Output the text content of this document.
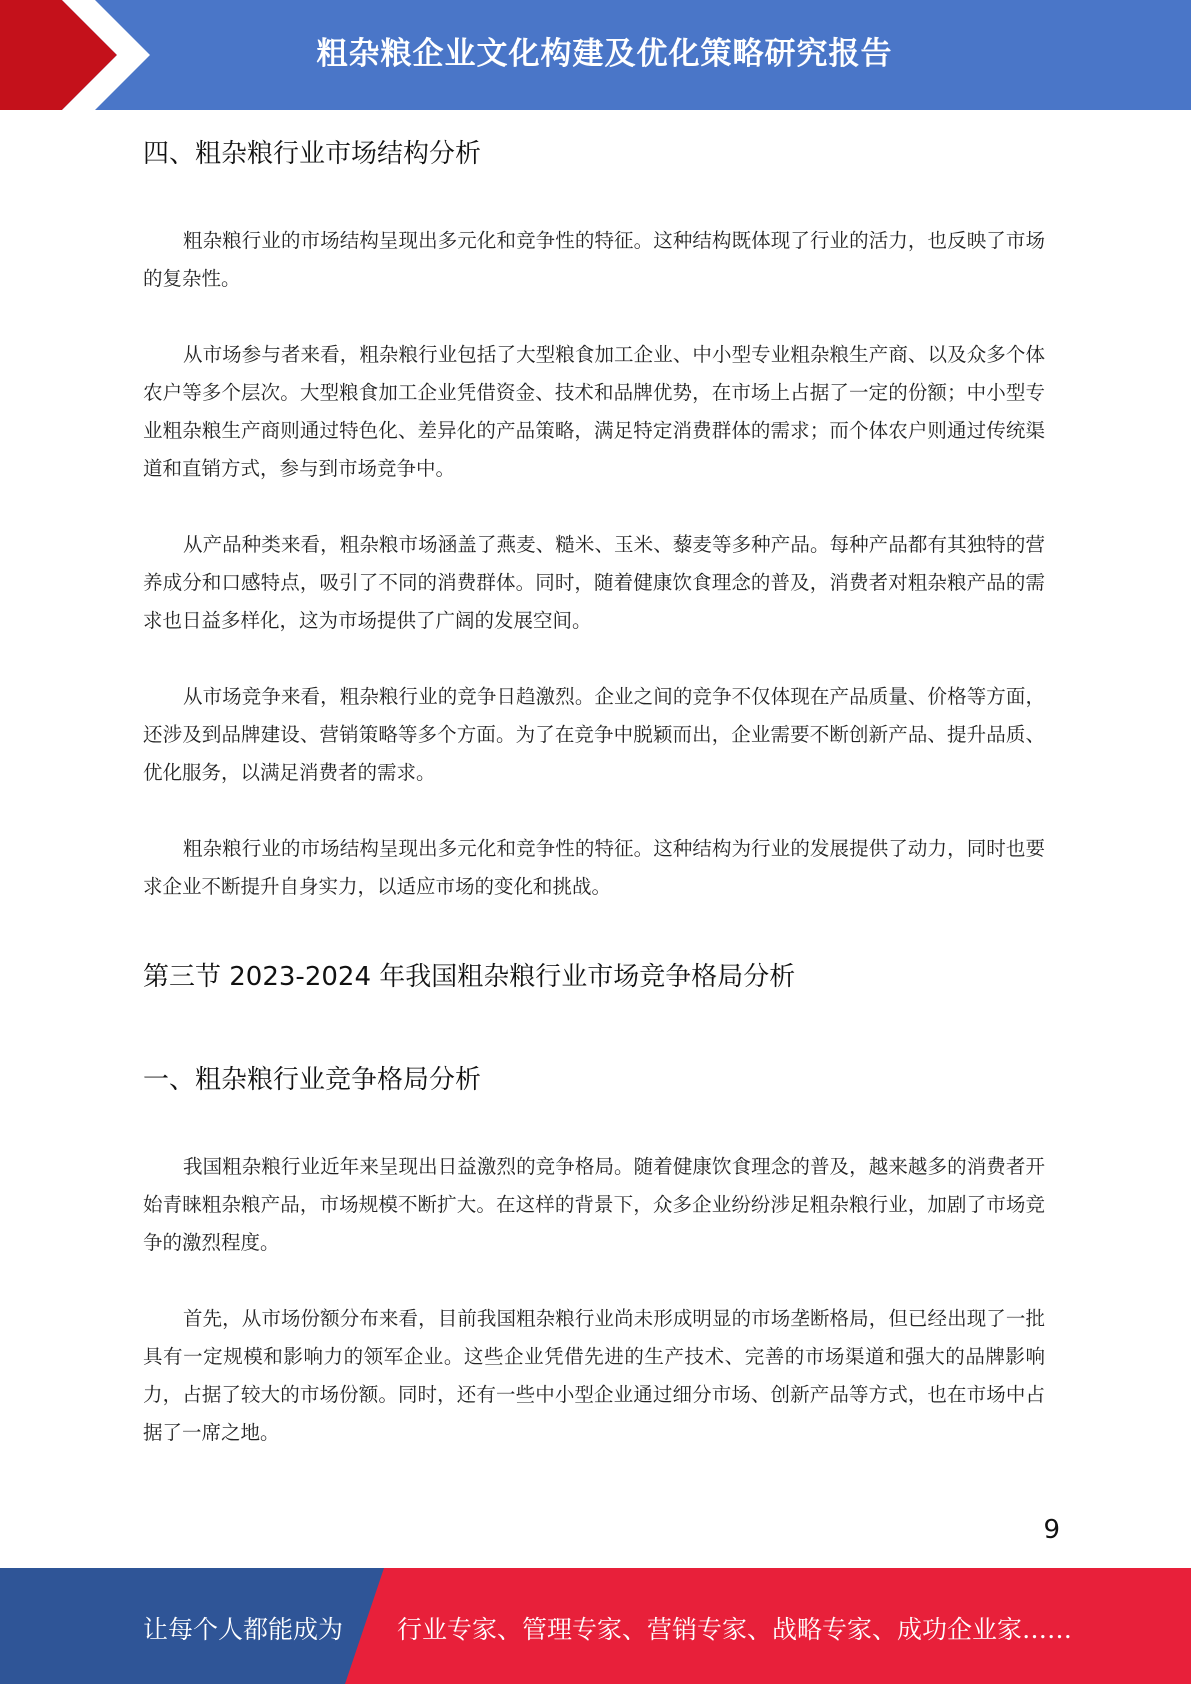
粗杂粮企业文化构建及优化策略研究报告
四、粗杂粮行业市场结构分析

粗杂粮行业的市场结构呈现出多元化和竞争性的特征。这种结构既体现了行业的活力，也反映了市场的复杂性。

从市场参与者来看，粗杂粮行业包括了大型粮食加工企业、中小型专业粗杂粮生产商、以及众多个体农户等多个层次。大型粮食加工企业凭借资金、技术和品牌优势，在市场上占据了一定的份额；中小型专业粗杂粮生产商则通过特色化、差异化的产品策略，满足特定消费群体的需求；而个体农户则通过传统渠道和直销方式，参与到市场竞争中。

从产品种类来看，粗杂粮市场涵盖了燕麦、糙米、玉米、藜麦等多种产品。每种产品都有其独特的营养成分和口感特点，吸引了不同的消费群体。同时，随着健康饮食理念的普及，消费者对粗杂粮产品的需求也日益多样化，这为市场提供了广阔的发展空间。

从市场竞争来看，粗杂粮行业的竞争日趋激烈。企业之间的竞争不仅体现在产品质量、价格等方面，还涉及到品牌建设、营销策略等多个方面。为了在竞争中脱颖而出，企业需要不断创新产品、提升品质、优化服务，以满足消费者的需求。

粗杂粮行业的市场结构呈现出多元化和竞争性的特征。这种结构为行业的发展提供了动力，同时也要求企业不断提升自身实力，以适应市场的变化和挑战。

第三节 2023-2024 年我国粗杂粮行业市场竞争格局分析
一、粗杂粮行业竞争格局分析

我国粗杂粮行业近年来呈现出日益激烈的竞争格局。随着健康饮食理念的普及，越来越多的消费者开始青睐粗杂粮产品，市场规模不断扩大。在这样的背景下，众多企业纷纷涉足粗杂粮行业，加剧了市场竞争的激烈程度。

首先，从市场份额分布来看，目前我国粗杂粮行业尚未形成明显的市场垄断格局，但已经出现了一批具有一定规模和影响力的领军企业。这些企业凭借先进的生产技术、完善的市场渠道和强大的品牌影响力，占据了较大的市场份额。同时，还有一些中小型企业通过细分市场、创新产品等方式，也在市场中占据了一席之地。

9
让每个人都能成为 行业专家、管理专家、营销专家、战略专家、成功企业家……
